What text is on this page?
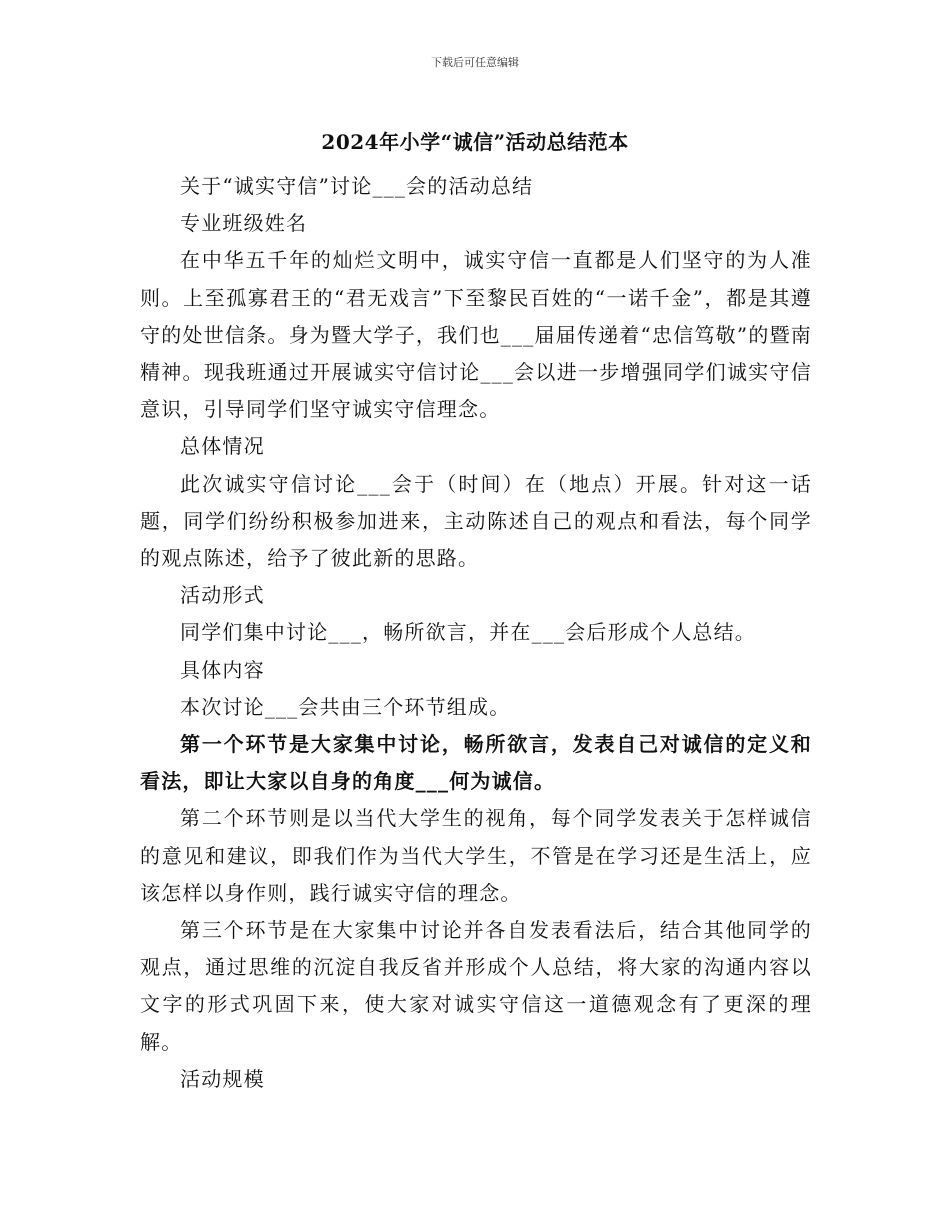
下载后可任意编辑
2024年小学“诚信”活动总结范本

关于“诚实守信”讨论___会的活动总结

专业班级姓名

在中华五千年的灿烂文明中，诚实守信一直都是人们坚守的为人准则。上至孤寡君王的“君无戏言”下至黎民百姓的“一诺千金”，都是其遵守的处世信条。身为暨大学子，我们也___届届传递着“忠信笃敬”的暨南精神。现我班通过开展诚实守信讨论___会以进一步增强同学们诚实守信意识，引导同学们坚守诚实守信理念。

总体情况

此次诚实守信讨论___会于（时间）在（地点）开展。针对这一话题，同学们纷纷积极参加进来，主动陈述自己的观点和看法，每个同学的观点陈述，给予了彼此新的思路。

活动形式

同学们集中讨论___，畅所欲言，并在___会后形成个人总结。

具体内容

本次讨论___会共由三个环节组成。

第一个环节是大家集中讨论，畅所欲言，发表自己对诚信的定义和看法，即让大家以自身的角度___何为诚信。

第二个环节则是以当代大学生的视角，每个同学发表关于怎样诚信的意见和建议，即我们作为当代大学生，不管是在学习还是生活上，应该怎样以身作则，践行诚实守信的理念。

第三个环节是在大家集中讨论并各自发表看法后，结合其他同学的观点，通过思维的沉淀自我反省并形成个人总结，将大家的沟通内容以文字的形式巩固下来，使大家对诚实守信这一道德观念有了更深的理解。

活动规模
